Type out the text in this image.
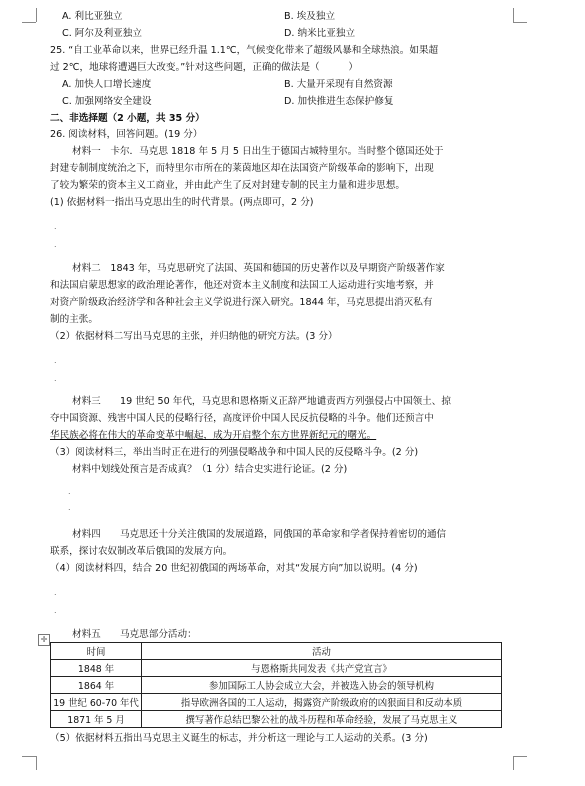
A. 利比亚独立	B. 埃及独立
C. 阿尔及利亚独立	D. 纳米比亚独立
25. “自工业革命以来，世界已经升温 1.1℃，气候变化带来了超级风暴和全球热浪。如果超
过 2℃，地球将遭遇巨大改变。”针对这些问题，正确的做法是（　　　）
A. 加快人口增长速度	B. 大量开采现有自然资源
C. 加强网络安全建设	D. 加快推进生态保护修复
二、非选择题（2 小题，共 35 分）
26. 阅读材料，回答问题。(19 分）
材料一　卡尔．马克思 1818 年 5 月 5 日出生于德国古城特里尔。当时整个德国还处于
封建专制制度统治之下，而特里尔市所在的莱茵地区却在法国资产阶级革命的影响下，出现
了较为繁荣的资本主义工商业，并由此产生了反对封建专制的民主力量和进步思想。
(1) 依据材料一指出马克思出生的时代背景。(两点即可，2 分)
.
.
材料二　1843 年，马克思研究了法国、英国和德国的历史著作以及早期资产阶级著作家
和法国启蒙思想家的政治理论著作，他还对资本主义制度和法国工人运动进行实地考察，并
对资产阶级政治经济学和各种社会主义学说进行深入研究。1844 年，马克思提出消灭私有
制的主张。
（2）依据材料二写出马克思的主张，并归纳他的研究方法。(3 分）
.
.
材料三　　19 世纪 50 年代，马克思和恩格斯义正辞严地谴责西方列强侵占中国领土、掠
夺中国资源、残害中国人民的侵略行径，高度评价中国人民反抗侵略的斗争。他们还预言中
华民族必将在伟大的革命变革中崛起，成为开启整个东方世界新纪元的曙光。
（3）阅读材料三，举出当时正在进行的列强侵略战争和中国人民的反侵略斗争。(2 分)
材料中划线处预言是否成真？（1 分）结合史实进行论证。(2 分)
.
.
材料四　　马克思还十分关注俄国的发展道路，同俄国的革命家和学者保持着密切的通信
联系，探讨农奴制改革后俄国的发展方向。
（4）阅读材料四，结合 20 世纪初俄国的两场革命，对其“发展方向”加以说明。(4 分)
.
.
✛	材料五　　马克思部分活动：
时间	活动
1848 年	与恩格斯共同发表《共产党宣言》
1864 年	参加国际工人协会成立大会，并被选入协会的领导机构
19 世纪 60-70 年代	指导欧洲各国的工人运动，揭露资产阶级政府的凶狠面目和反动本质
1871 年 5 月	撰写著作总结巴黎公社的战斗历程和革命经验，发展了马克思主义
（5）依据材料五指出马克思主义诞生的标志，并分析这一理论与工人运动的关系。(3 分)
